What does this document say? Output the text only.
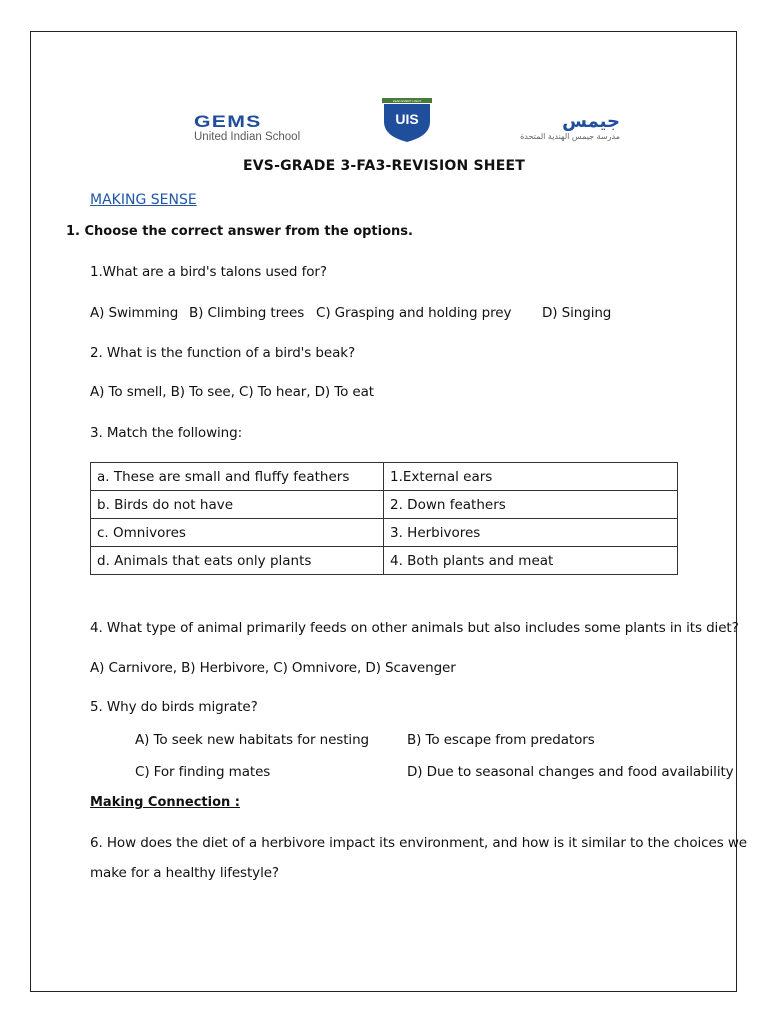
GEMS
United Indian School
LEAD EVERY LIGHT
UIS	جيمس
مدرسة جيمس الهندية المتحدة
EVS-GRADE 3-FA3-REVISION SHEET
MAKING SENSE
1. Choose the correct answer from the options.
1.What are a bird's talons used for?
A) Swimming B) Climbing trees C) Grasping and holding prey D) Singing
2. What is the function of a bird's beak?
A) To smell, B) To see, C) To hear, D) To eat
3. Match the following:
a. These are small and fluffy feathers	1.External ears
b. Birds do not have	2. Down feathers
c. Omnivores	3. Herbivores
d. Animals that eats only plants	4. Both plants and meat
4. What type of animal primarily feeds on other animals but also includes some plants in its diet?
A) Carnivore, B) Herbivore, C) Omnivore, D) Scavenger
5. Why do birds migrate?
A) To seek new habitats for nesting	B) To escape from predators
C) For finding mates	D) Due to seasonal changes and food availability
Making Connection :
6. How does the diet of a herbivore impact its environment, and how is it similar to the choices we
make for a healthy lifestyle?
